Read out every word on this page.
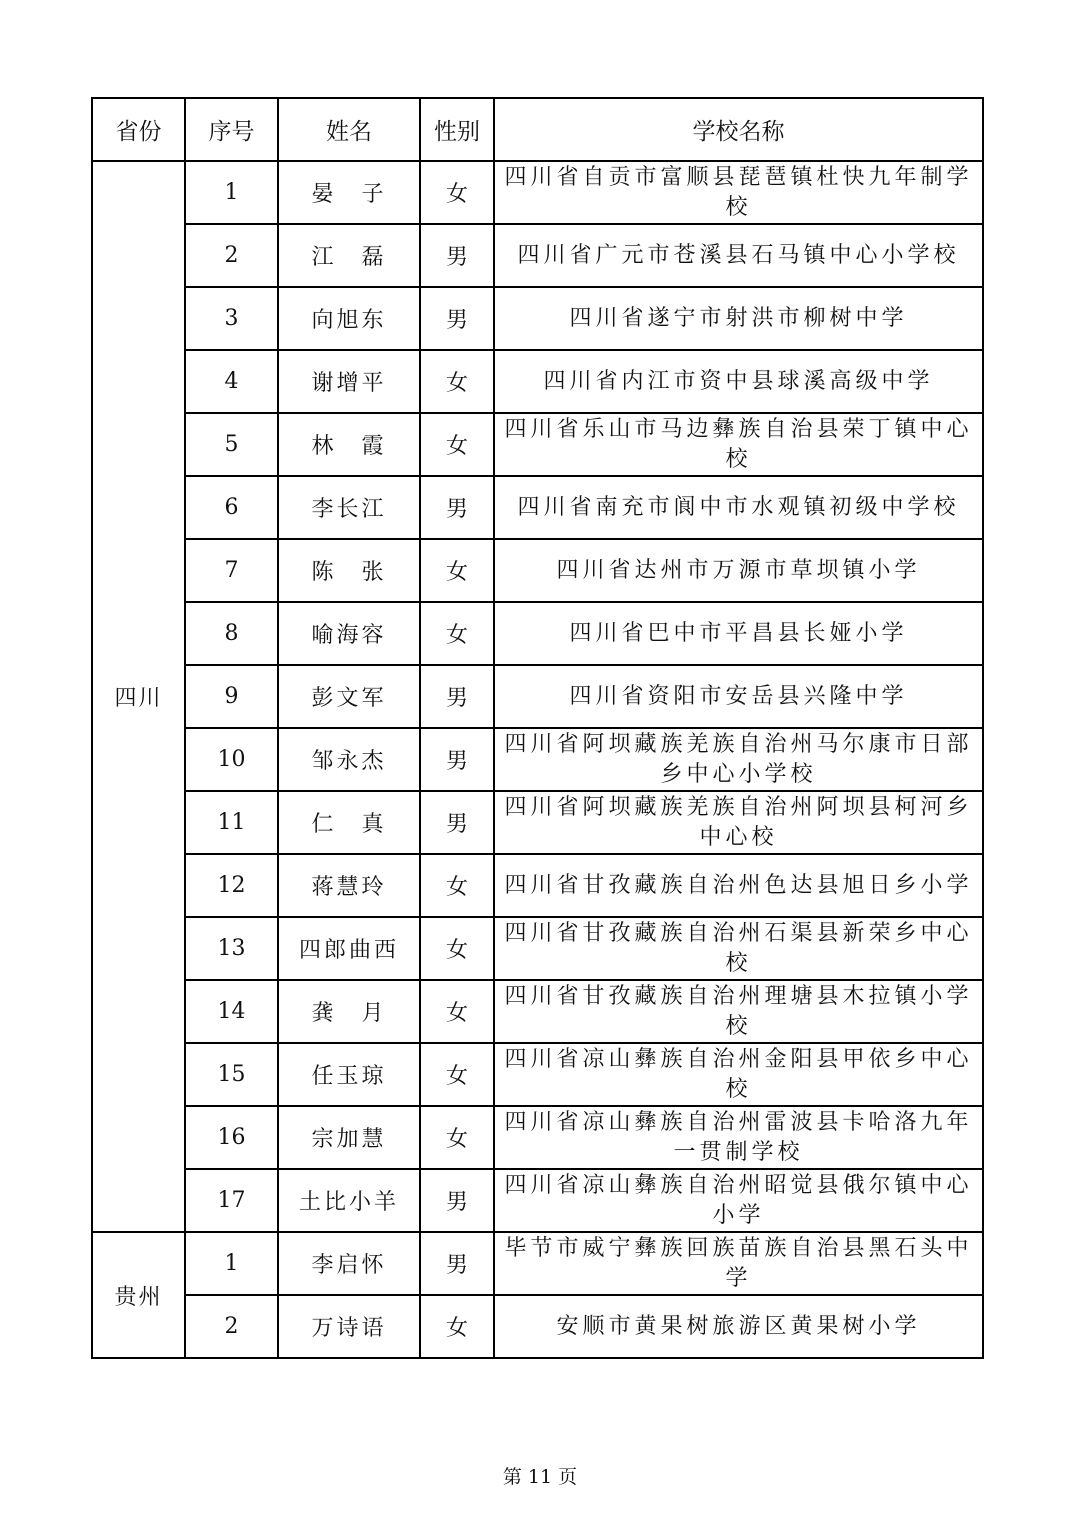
省份	序号	姓名	性别	学校名称
四川	1	晏　子	女	四川省自贡市富顺县琵琶镇杜快九年制学校
	2	江　磊	男	四川省广元市苍溪县石马镇中心小学校
	3	向旭东	男	四川省遂宁市射洪市柳树中学
	4	谢增平	女	四川省内江市资中县球溪高级中学
	5	林　霞	女	四川省乐山市马边彝族自治县荣丁镇中心校
	6	李长江	男	四川省南充市阆中市水观镇初级中学校
	7	陈　张	女	四川省达州市万源市草坝镇小学
	8	喻海容	女	四川省巴中市平昌县长娅小学
	9	彭文军	男	四川省资阳市安岳县兴隆中学
	10	邹永杰	男	四川省阿坝藏族羌族自治州马尔康市日部乡中心小学校
	11	仁　真	男	四川省阿坝藏族羌族自治州阿坝县柯河乡中心校
	12	蒋慧玲	女	四川省甘孜藏族自治州色达县旭日乡小学
	13	四郎曲西	女	四川省甘孜藏族自治州石渠县新荣乡中心校
	14	龚　月	女	四川省甘孜藏族自治州理塘县木拉镇小学校
	15	任玉琼	女	四川省凉山彝族自治州金阳县甲依乡中心校
	16	宗加慧	女	四川省凉山彝族自治州雷波县卡哈洛九年一贯制学校
	17	土比小羊	男	四川省凉山彝族自治州昭觉县俄尔镇中心小学
贵州	1	李启怀	男	毕节市威宁彝族回族苗族自治县黑石头中学
	2	万诗语	女	安顺市黄果树旅游区黄果树小学
第 11 页
